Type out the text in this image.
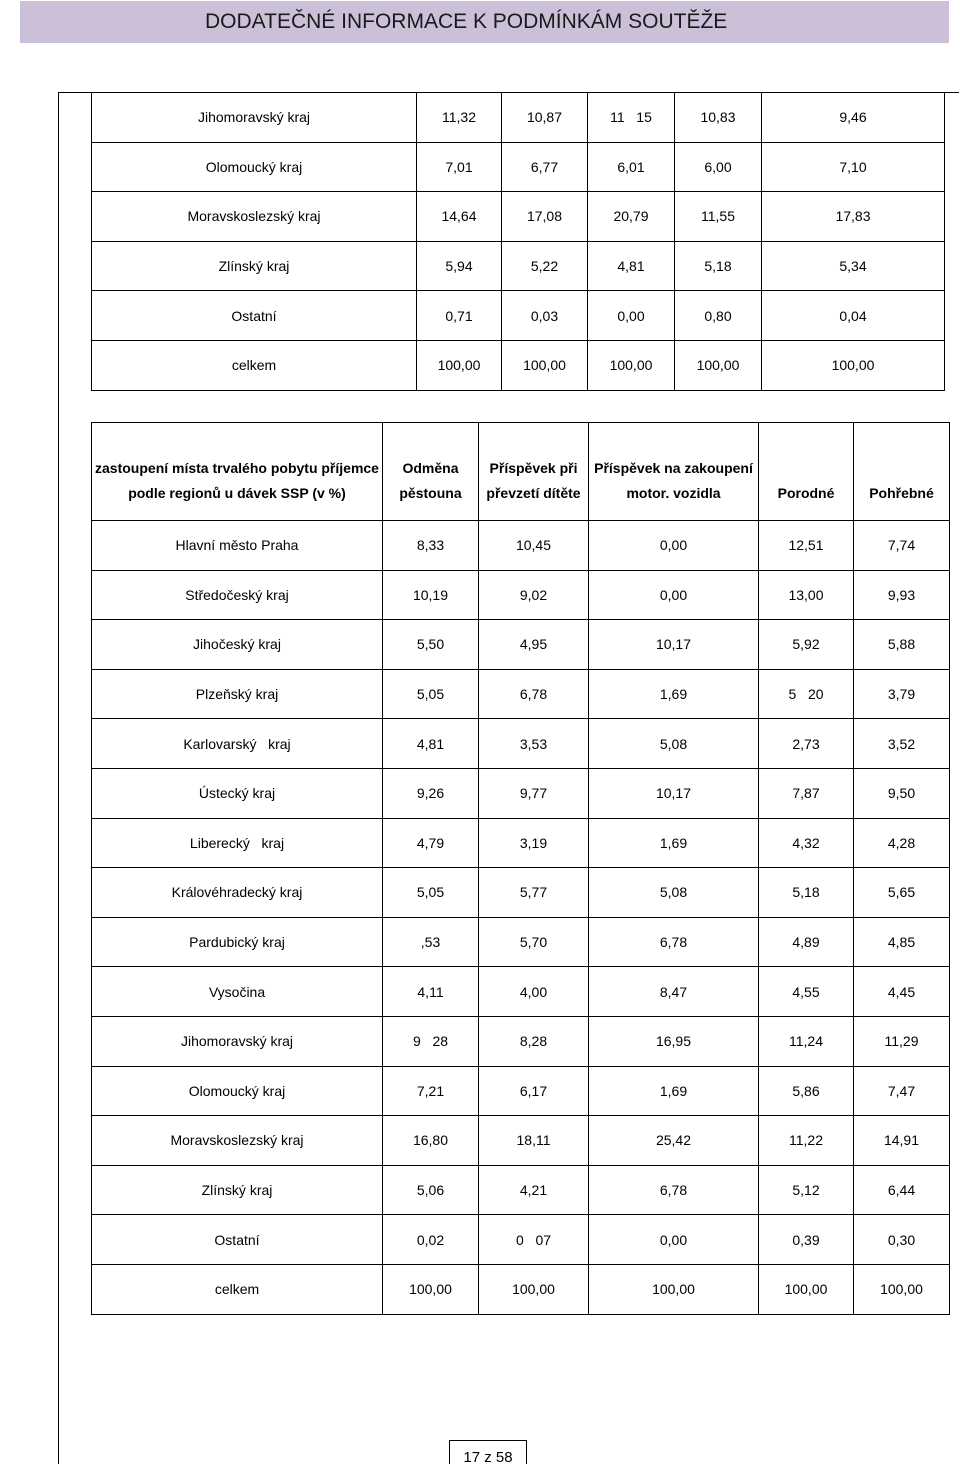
DODATEČNÉ INFORMACE K PODMÍNKÁM SOUTĚŽE
Jihomoravský kraj	11,32	10,87	11   15	10,83	9,46
Olomoucký kraj	7,01	6,77	6,01	6,00	7,10
Moravskoslezský kraj	14,64	17,08	20,79	11,55	17,83
Zlínský kraj	5,94	5,22	4,81	5,18	5,34
Ostatní	0,71	0,03	0,00	0,80	0,04
celkem	100,00	100,00	100,00	100,00	100,00
zastoupení místa trvalého pobytu příjemce podle regionů u dávek SSP (v %)	Odměna pěstouna	Příspěvek při převzetí dítěte	Příspěvek na zakoupení motor. vozidla	Porodné	Pohřebné
Hlavní město Praha	8,33	10,45	0,00	12,51	7,74
Středočeský kraj	10,19	9,02	0,00	13,00	9,93
Jihočeský kraj	5,50	4,95	10,17	5,92	5,88
Plzeňský kraj	5,05	6,78	1,69	5   20	3,79
Karlovarský   kraj	4,81	3,53	5,08	2,73	3,52
Ústecký kraj	9,26	9,77	10,17	7,87	9,50
Liberecký   kraj	4,79	3,19	1,69	4,32	4,28
Královéhradecký kraj	5,05	5,77	5,08	5,18	5,65
Pardubický kraj	,53	5,70	6,78	4,89	4,85
Vysočina	4,11	4,00	8,47	4,55	4,45
Jihomoravský kraj	9   28	8,28	16,95	11,24	11,29
Olomoucký kraj	7,21	6,17	1,69	5,86	7,47
Moravskoslezský kraj	16,80	18,11	25,42	11,22	14,91
Zlínský kraj	5,06	4,21	6,78	5,12	6,44
Ostatní	0,02	0   07	0,00	0,39	0,30
celkem	100,00	100,00	100,00	100,00	100,00
17 z 58
